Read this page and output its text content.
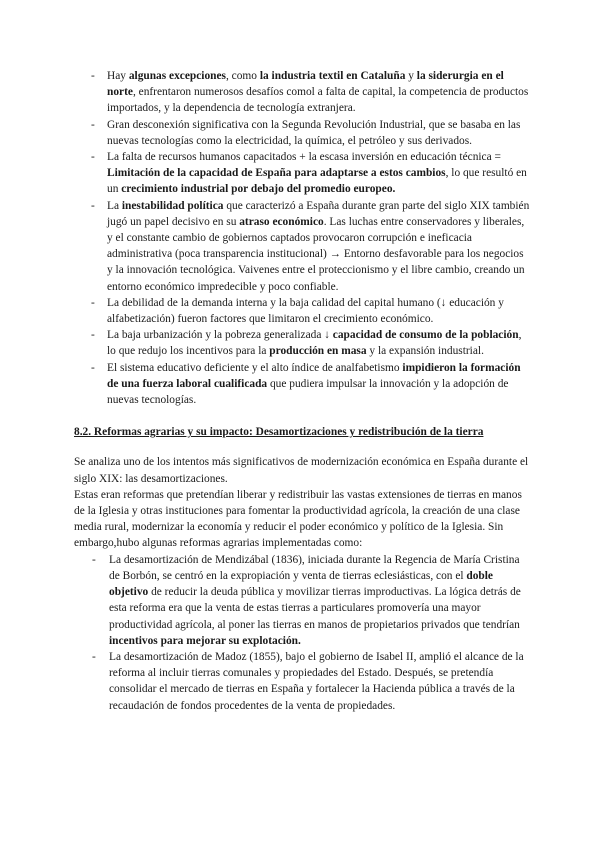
- Hay algunas excepciones, como la industria textil en Cataluña y la siderurgia en el norte, enfrentaron numerosos desafíos comol a falta de capital, la competencia de productos importados, y la dependencia de tecnología extranjera.
- Gran desconexión significativa con la Segunda Revolución Industrial, que se basaba en las nuevas tecnologías como la electricidad, la química, el petróleo y sus derivados.
- La falta de recursos humanos capacitados + la escasa inversión en educación técnica = Limitación de la capacidad de España para adaptarse a estos cambios, lo que resultó en un crecimiento industrial por debajo del promedio europeo.
- La inestabilidad política que caracterizó a España durante gran parte del siglo XIX también jugó un papel decisivo en su atraso económico. Las luchas entre conservadores y liberales, y el constante cambio de gobiernos captados provocaron corrupción e ineficacia administrativa (poca transparencia institucional) → Entorno desfavorable para los negocios y la innovación tecnológica. Vaivenes entre el proteccionismo y el libre cambio, creando un entorno económico impredecible y poco confiable.
- La debilidad de la demanda interna y la baja calidad del capital humano (↓ educación y alfabetización) fueron factores que limitaron el crecimiento económico.
- La baja urbanización y la pobreza generalizada ↓ capacidad de consumo de la población, lo que redujo los incentivos para la producción en masa y la expansión industrial.
- El sistema educativo deficiente y el alto índice de analfabetismo impidieron la formación de una fuerza laboral cualificada que pudiera impulsar la innovación y la adopción de nuevas tecnologías.
8.2. Reformas agrarias y su impacto: Desamortizaciones y redistribución de la tierra

Se analiza uno de los intentos más significativos de modernización económica en España durante el siglo XIX: las desamortizaciones.

Estas eran reformas que pretendían liberar y redistribuir las vastas extensiones de tierras en manos de la Iglesia y otras instituciones para fomentar la productividad agrícola, la creación de una clase media rural, modernizar la economía y reducir el poder económico y político de la Iglesia. Sin embargo,hubo algunas reformas agrarias implementadas como:

- La desamortización de Mendizábal (1836), iniciada durante la Regencia de María Cristina de Borbón, se centró en la expropiación y venta de tierras eclesiásticas, con el doble objetivo de reducir la deuda pública y movilizar tierras improductivas. La lógica detrás de esta reforma era que la venta de estas tierras a particulares promovería una mayor productividad agrícola, al poner las tierras en manos de propietarios privados que tendrían incentivos para mejorar su explotación.
- La desamortización de Madoz (1855), bajo el gobierno de Isabel II, amplió el alcance de la reforma al incluir tierras comunales y propiedades del Estado. Después, se pretendía consolidar el mercado de tierras en España y fortalecer la Hacienda pública a través de la recaudación de fondos procedentes de la venta de propiedades.
